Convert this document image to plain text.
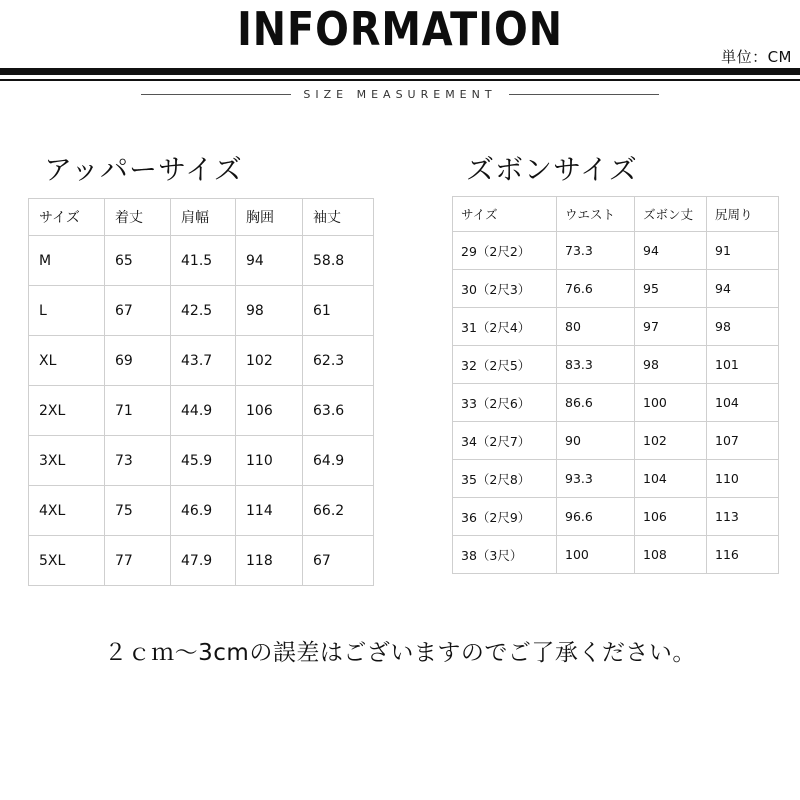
INFORMATION
単位：CM
SIZE MEASUREMENT
アッパーサイズ	ズボンサイズ
サイズ	着丈	肩幅	胸囲	袖丈
M	65	41.5	94	58.8
L	67	42.5	98	61
XL	69	43.7	102	62.3
2XL	71	44.9	106	63.6
3XL	73	45.9	110	64.9
4XL	75	46.9	114	66.2
5XL	77	47.9	118	67
サイズ	ウエスト	ズボン丈	尻周り
29（2尺2）	73.3	94	91
30（2尺3）	76.6	95	94
31（2尺4）	80	97	98
32（2尺5）	83.3	98	101
33（2尺6）	86.6	100	104
34（2尺7）	90	102	107
35（2尺8）	93.3	104	110
36（2尺9）	96.6	106	113
38（3尺）	100	108	116
２ｃｍ〜3cmの誤差はございますのでご了承ください。
